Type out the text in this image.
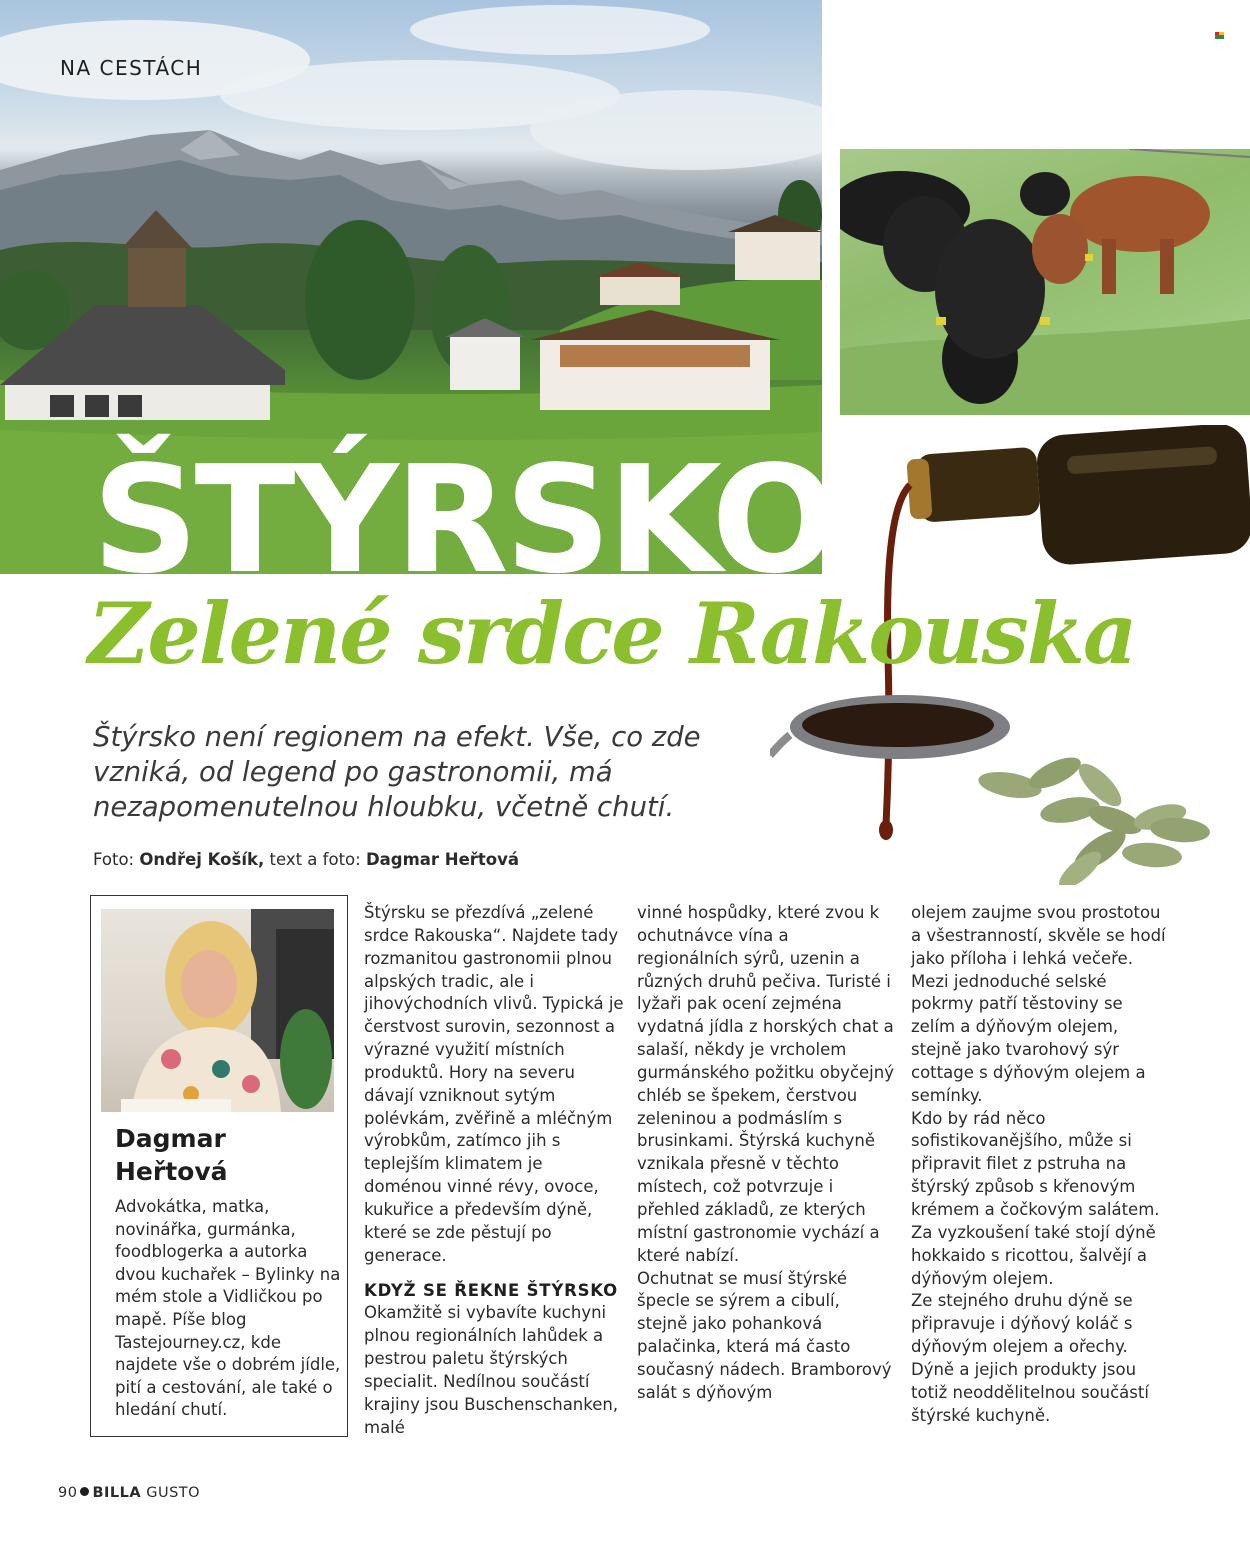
NA CESTÁCH
ŠTÝRSKO
Zelené srdce Rakouska
Štýrsko není regionem na efekt. Vše, co zde vzniká, od legend po gastronomii, má nezapomenutelnou hloubku, včetně chutí.
Foto: Ondřej Košík, text a foto: Dagmar Heřtová
Dagmar
Heřtová
Advokátka, matka, novinářka, gurmánka, foodblogerka a autorka dvou kuchařek – Bylinky na mém stole a Vidličkou po mapě. Píše blog Tastejourney.cz, kde najdete vše o dobrém jídle, pití a cestování, ale také o hledání chutí.

Štýrsku se přezdívá „zelené srdce Rakouska“. Najdete tady rozmanitou gastronomii plnou alpských tradic, ale i jihovýchodních vlivů. Typická je čerstvost surovin, sezonnost a výrazné využití místních produktů. Hory na severu dávají vzniknout sytým polévkám, zvěřině a mléčným výrobkům, zatímco jih s teplejším klimatem je doménou vinné révy, ovoce, kukuřice a především dýně, které se zde pěstují po generace.

KDYŽ SE ŘEKNE ŠTÝRSKO

Okamžitě si vybavíte kuchyni plnou regionálních lahůdek a pestrou paletu štýrských specialit. Nedílnou součástí krajiny jsou Buschenschanken, malé

vinné hospůdky, které zvou k ochutnávce vína a regionálních sýrů, uzenin a různých druhů pečiva. Turisté i lyžaři pak ocení zejména vydatná jídla z horských chat a salaší, někdy je vrcholem gurmánského požitku obyčejný chléb se špekem, čerstvou zeleninou a podmáslím s brusinkami. Štýrská kuchyně vznikala přesně v těchto místech, což potvrzuje i přehled základů, ze kterých místní gastronomie vychází a které nabízí.

Ochutnat se musí štýrské špecle se sýrem a cibulí, stejně jako pohanková palačinka, která má často současný nádech. Bramborový salát s dýňovým

olejem zaujme svou prostotou a všestranností, skvěle se hodí jako příloha i lehká večeře.

Mezi jednoduché selské pokrmy patří těstoviny se zelím a dýňovým olejem, stejně jako tvarohový sýr cottage s dýňovým olejem a semínky.

Kdo by rád něco sofistikovanějšího, může si připravit filet z pstruha na štýrský způsob s křenovým krémem a čočkovým salátem.

Za vyzkoušení také stojí dýně hokkaido s ricottou, šalvějí a dýňovým olejem.

Ze stejného druhu dýně se připravuje i dýňový koláč s dýňovým olejem a ořechy. Dýně a jejich produkty jsou totiž neoddělitelnou součástí štýrské kuchyně.

90 BILLA GUSTO
